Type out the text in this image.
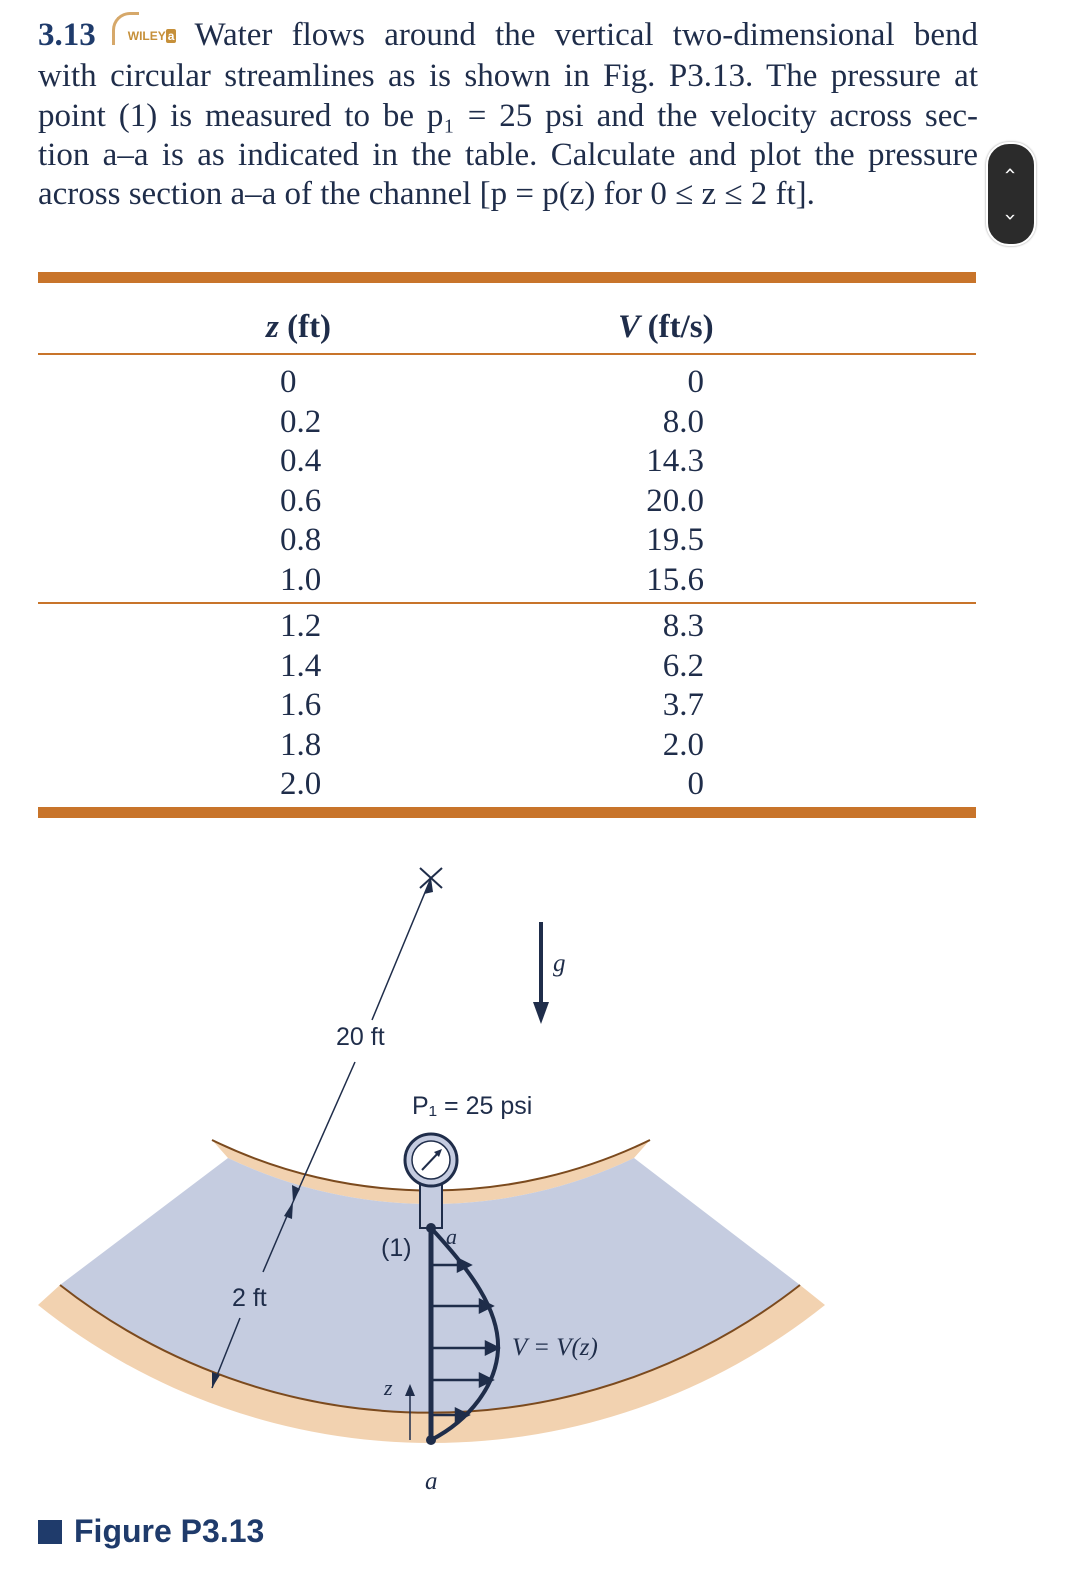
3.13	WILEY a Water flows around the vertical two-dimensional bend
with circular streamlines as is shown in Fig. P3.13. The pressure at
point (1) is measured to be p₁ = 25 psi and the velocity across sec-
tion a–a is as indicated in the table. Calculate and plot the pressure
across section a–a of the channel [p = p(z) for 0 ≤ z ≤ 2 ft].
‹
›
z (ft)	V (ft/s)
0	0
0.2	8.0
0.4	14.3
0.6	20.0
0.8	19.5
1.0	15.6
1.2	8.3
1.4	6.2
1.6	3.7
1.8	2.0
2.0	0
20 ft
2 ft
g
P₁ = 25 psi
(1) a
a
V = V(z)
z
Figure P3.13
